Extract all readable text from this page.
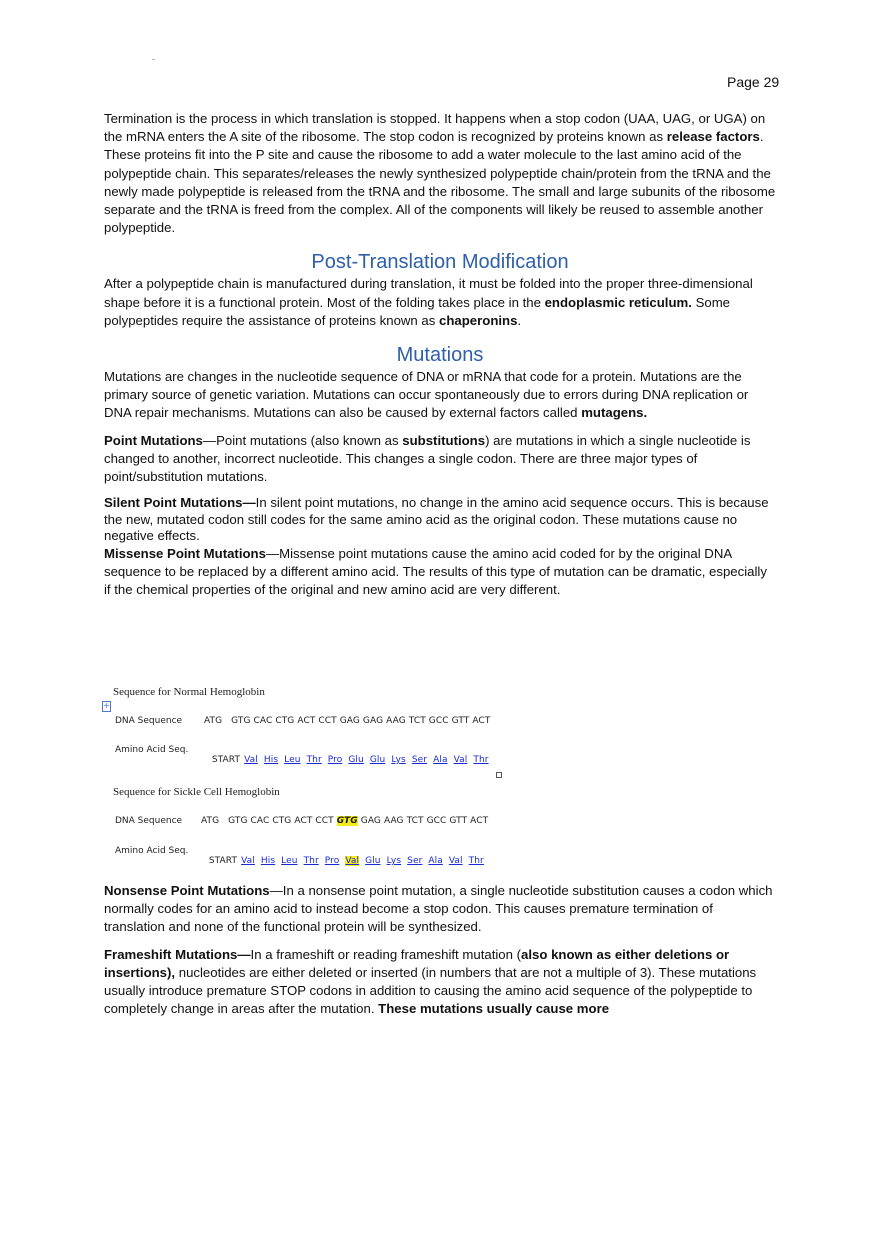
-
Page 29

Termination is the process in which translation is stopped. It happens when a stop codon (UAA, UAG, or UGA) on the mRNA enters the A site of the ribosome. The stop codon is recognized by proteins known as release factors. These proteins fit into the P site and cause the ribosome to add a water molecule to the last amino acid of the polypeptide chain. This separates/releases the newly synthesized polypeptide chain/protein from the tRNA and the newly made polypeptide is released from the tRNA and the ribosome. The small and large subunits of the ribosome separate and the tRNA is freed from the complex. All of the components will likely be reused to assemble another polypeptide.

Post-Translation Modification

After a polypeptide chain is manufactured during translation, it must be folded into the proper three-dimensional shape before it is a functional protein. Most of the folding takes place in the endoplasmic reticulum. Some polypeptides require the assistance of proteins known as chaperonins.

Mutations

Mutations are changes in the nucleotide sequence of DNA or mRNA that code for a protein. Mutations are the primary source of genetic variation. Mutations can occur spontaneously due to errors during DNA replication or DNA repair mechanisms. Mutations can also be caused by external factors called mutagens.

Point Mutations—Point mutations (also known as substitutions) are mutations in which a single nucleotide is changed to another, incorrect nucleotide. This changes a single codon. There are three major types of point/substitution mutations.

Silent Point Mutations—In silent point mutations, no change in the amino acid sequence occurs. This is because the new, mutated codon still codes for the same amino acid as the original codon. These mutations cause no negative effects.

Missense Point Mutations—Missense point mutations cause the amino acid coded for by the original DNA sequence to be replaced by a different amino acid. The results of this type of mutation can be dramatic, especially if the chemical properties of the original and new amino acid are very different.

Sequence for Normal Hemoglobin
+
DNA Sequence ATG   GTG CAC CTG ACT CCT GAG GAG AAG TCT GCC GTT ACT
Amino Acid Seq.

START Val His Leu Thr Pro Glu Glu Lys Ser Ala Val Thr

Sequence for Sickle Cell Hemoglobin
DNA Sequence ATG   GTG CAC CTG ACT CCT GTG GAG AAG TCT GCC GTT ACT
Amino Acid Seq.

START Val His Leu Thr Pro Val Glu Lys Ser Ala Val Thr

Nonsense Point Mutations—In a nonsense point mutation, a single nucleotide substitution causes a codon which normally codes for an amino acid to instead become a stop codon. This causes premature termination of translation and none of the functional protein will be synthesized.

Frameshift Mutations—In a frameshift or reading frameshift mutation (also known as either deletions or insertions), nucleotides are either deleted or inserted (in numbers that are not a multiple of 3). These mutations usually introduce premature STOP codons in addition to causing the amino acid sequence of the polypeptide to completely change in areas after the mutation. These mutations usually cause more
